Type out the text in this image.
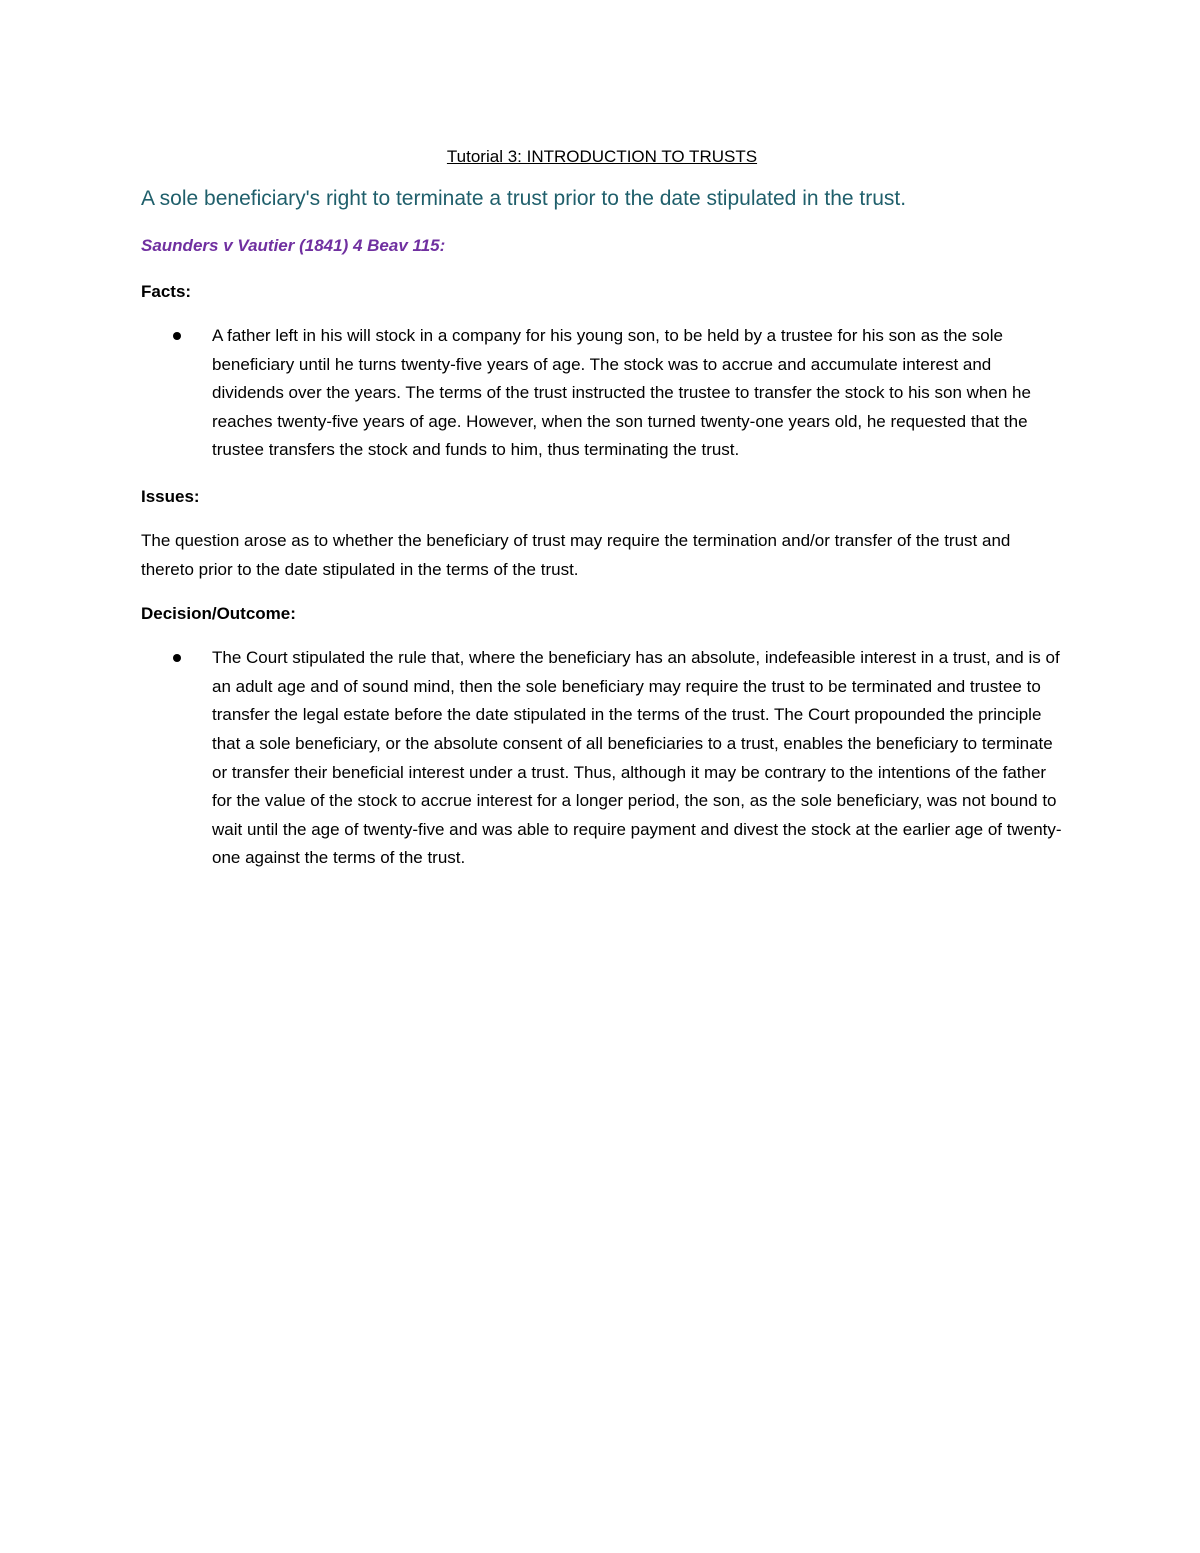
Tutorial 3: INTRODUCTION TO TRUSTS
A sole beneficiary's right to terminate a trust prior to the date stipulated in the trust.
Saunders v Vautier (1841) 4 Beav 115:
Facts:
A father left in his will stock in a company for his young son, to be held by a trustee for his son as the sole beneficiary until he turns twenty-five years of age. The stock was to accrue and accumulate interest and dividends over the years. The terms of the trust instructed the trustee to transfer the stock to his son when he reaches twenty-five years of age. However, when the son turned twenty-one years old, he requested that the trustee transfers the stock and funds to him, thus terminating the trust.
Issues:
The question arose as to whether the beneficiary of trust may require the termination and/or transfer of the trust and thereto prior to the date stipulated in the terms of the trust.
Decision/Outcome:
The Court stipulated the rule that, where the beneficiary has an absolute, indefeasible interest in a trust, and is of an adult age and of sound mind, then the sole beneficiary may require the trust to be terminated and trustee to transfer the legal estate before the date stipulated in the terms of the trust. The Court propounded the principle that a sole beneficiary, or the absolute consent of all beneficiaries to a trust, enables the beneficiary to terminate or transfer their beneficial interest under a trust. Thus, although it may be contrary to the intentions of the father for the value of the stock to accrue interest for a longer period, the son, as the sole beneficiary, was not bound to wait until the age of twenty-five and was able to require payment and divest the stock at the earlier age of twenty-one against the terms of the trust.
